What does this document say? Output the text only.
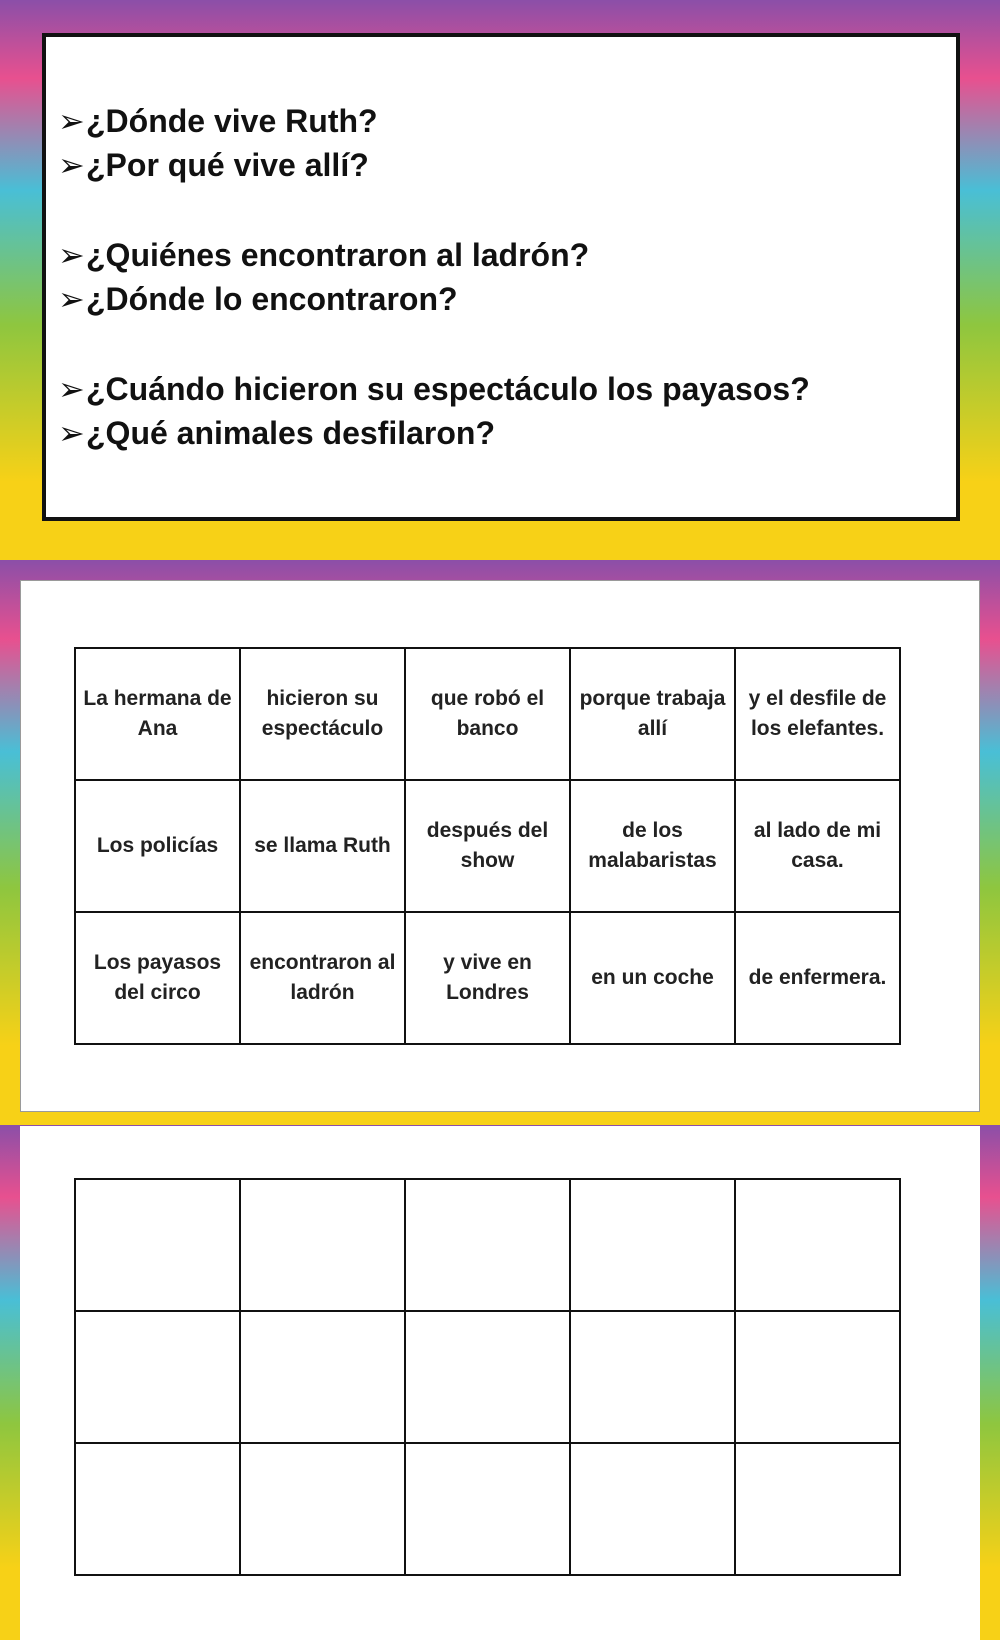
➢¿Dónde vive Ruth?
➢¿Por qué vive allí?
➢¿Quiénes encontraron al ladrón?
➢¿Dónde lo encontraron?
➢¿Cuándo hicieron su espectáculo los payasos?
➢¿Qué animales desfilaron?
La hermana de Ana	hicieron su espectáculo	que robó el banco	porque trabaja allí	y el desfile de los elefantes.
Los policías	se llama Ruth	después del show	de los malabaristas	al lado de mi casa.
Los payasos del circo	encontraron al ladrón	y vive en Londres	en un coche	de enfermera.
